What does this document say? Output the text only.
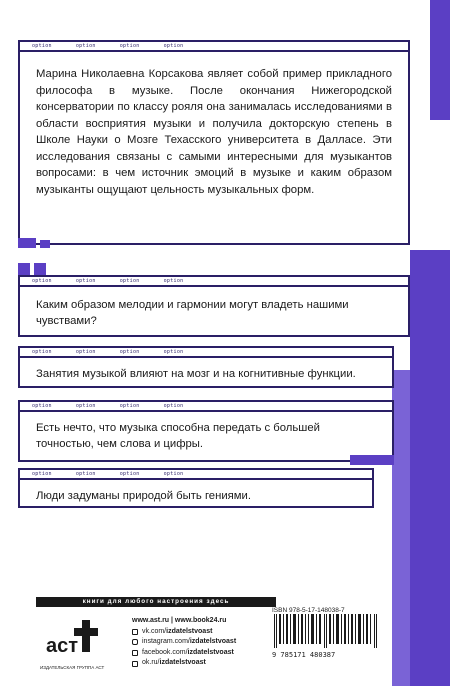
option	option	option	option
Марина Николаевна Корсакова являет собой пример прикладного философа в музыке. После окончания Нижегородской консерватории по классу рояля она занималась исследованиями в области восприятия музыки и получила докторскую степень в Школе Науки о Мозге Техасского университета в Далласе. Эти исследования связаны с самыми интересными для музыкантов вопросами: в чем источник эмоций в музыке и каким образом музыканты ощущают цельность музыкальных форм.
option	option	option	option
Каким образом мелодии и гармонии могут владеть нашими чувствами?
option	option	option	option
Занятия музыкой влияют на мозг и на когнитивные функции.
option	option	option	option
Есть нечто, что музыка способна передать с большей точностью, чем слова и цифры.
option	option	option	option
Люди задуманы природой быть гениями.
книги для любого настроения здесь
аст
ИЗДАТЕЛЬСКАЯ ГРУППА АСТ
www.ast.ru | www.book24.ru
vk.com/ izdatelstvoast
instagram.com/ izdatelstvoast
facebook.com/ izdatelstvoast
ok.ru/ izdatelstvoast
ISBN 978-5-17-148038-7
9 785171 480387
